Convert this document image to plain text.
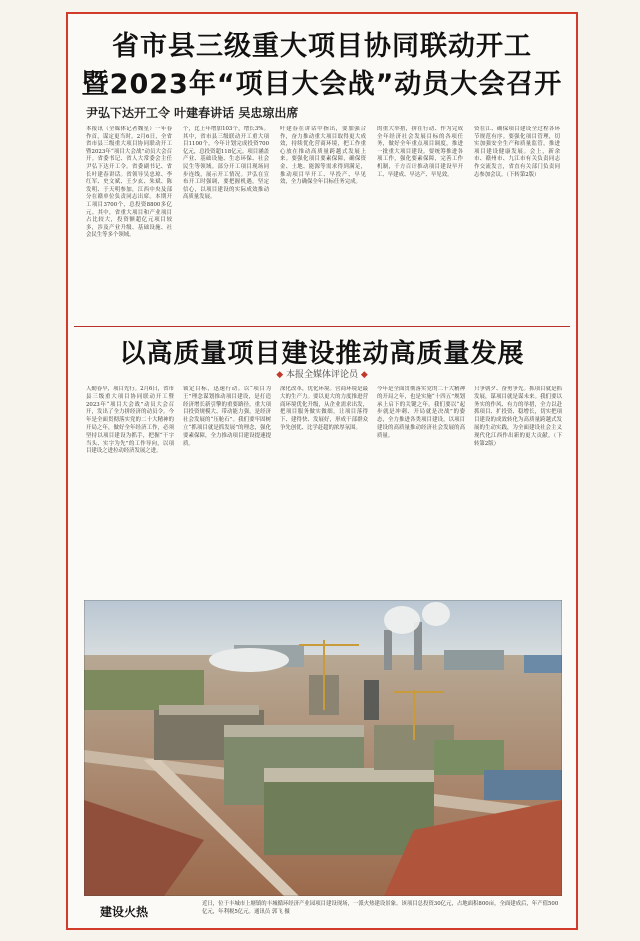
省市县三级重大项目协同联动开工
暨2023年“项目大会战”动员大会召开
尹弘下达开工令 叶建春讲话 吴忠琼出席
本报讯（全媒体记者魏星）一年春作首，谋定更当时。2月6日，全省省市县三级重大项目协同联动开工暨2023年“项目大会战”动员大会召开。省委书记、省人大常委会主任尹弘下达开工令。省委副书记、省长叶建春讲话。省领导吴忠琼、李红军、史文斌、王少玄、朱斌、陈发明、于天明参加，江西中央及部分在赣单位负责同志出席。本期开工项目3700个，总投资8800多亿元。其中，省重大项目和产业项目占比较大，投资额超亿元项目较多，涉及产业升级、基础设施、社会民生等多个领域。
个，比上年增加103个，增长3%。其中，省市县三级联动开工重大项目1100个，今年计划完成投资700亿元，总投资超118亿元。项目涵盖产业、基础设施、生态环保、社会民生等领域。部分开工项目现场同步连线，展示开工情况。尹弘在宣布开工时强调，要把握机遇，坚定信心，以项目建设的实际成效推动高质量发展。
叶建春在讲话中指出，要加强合作，奋力推动重大项目取得更大成效，持续优化营商环境，把工作重心放在推动高质量跨越式发展上来。要强化项目要素保障，确保资金、土地、能源等需求得到满足，推动项目早开工、早投产、早见效，全力确保全年目标任务完成。
的重大举措，拼在行动、作为完成全年经济社会发展目标的各项任务，做好全年重点项目调度，推进一批重大项目建设。要统筹推进各项工作，强化要素保障，完善工作机制，千方百计推动项目建设早开工、早建成、早达产、早见效。
资在江、确保项目建设全过程各环节规范有序。要强化项目管理，切实加强安全生产和质量监管，推进项目建设健康发展。会上，新余市、赣州市、九江市有关负责同志作交流发言，省直有关部门负责同志参加会议。（下转第2版）
以高质量项目建设推动高质量发展
◆ 本报全媒体评论员 ◆
人勤春早，项目先行。2月6日，省市县三级重大项目协同联动开工暨2023年“项目大会战”动员大会召开，发出了全力拼经济的动员令。今年是全面贯彻落实党的二十大精神的开局之年，做好全年经济工作，必须坚持以项目建设为抓手，把握“干字当头、实字为先”的工作导向，以项目建设之进拉动经济发展之进。
锁定目标，迅速行动。以“项目为王”理念谋划推动项目建设，是打造经济增长新引擎的重要路径。重大项目投资规模大、带动能力强，是经济社会发展的“压舱石”。我们要牢固树立“抓项目就是抓发展”的理念，强化要素保障，全力推动项目建设提速提质。
深化改革，优化环境。营商环境是最大的生产力。要以更大的力度推进营商环境优化升级，从企业需求出发，把项目服务做实做细，让项目落得下、建得快、发展好，形成干部群众争先创优、比学赶超的浓厚氛围。
今年是全面贯彻落实党的二十大精神的开局之年，也是实施“十四五”规划承上启下的关键之年。我们要以“起步就是冲刺、开局就是决战”的姿态，全力推进各类项目建设，以项目建设的高质量推动经济社会发展的高质量。
只争朝夕、奋勇争先。抓项目就是抓发展，谋项目就是谋未来。我们要以务实的作风、有力的举措，全力以赴抓项目、扩投资、稳增长，切实把项目建设的成效转化为高质量跨越式发展的生动实践，为全面建设社会主义现代化江西作出新的更大贡献。（下转第2版）
建设火热
近日，位于丰城市上塘镇的丰城循环经济产业园项目建设现场，一派火热建设景象。该项目总投资30亿元，占地面积800亩，全面建成后，年产值500亿元，年利税5亿元。通讯员 郭飞 摄
